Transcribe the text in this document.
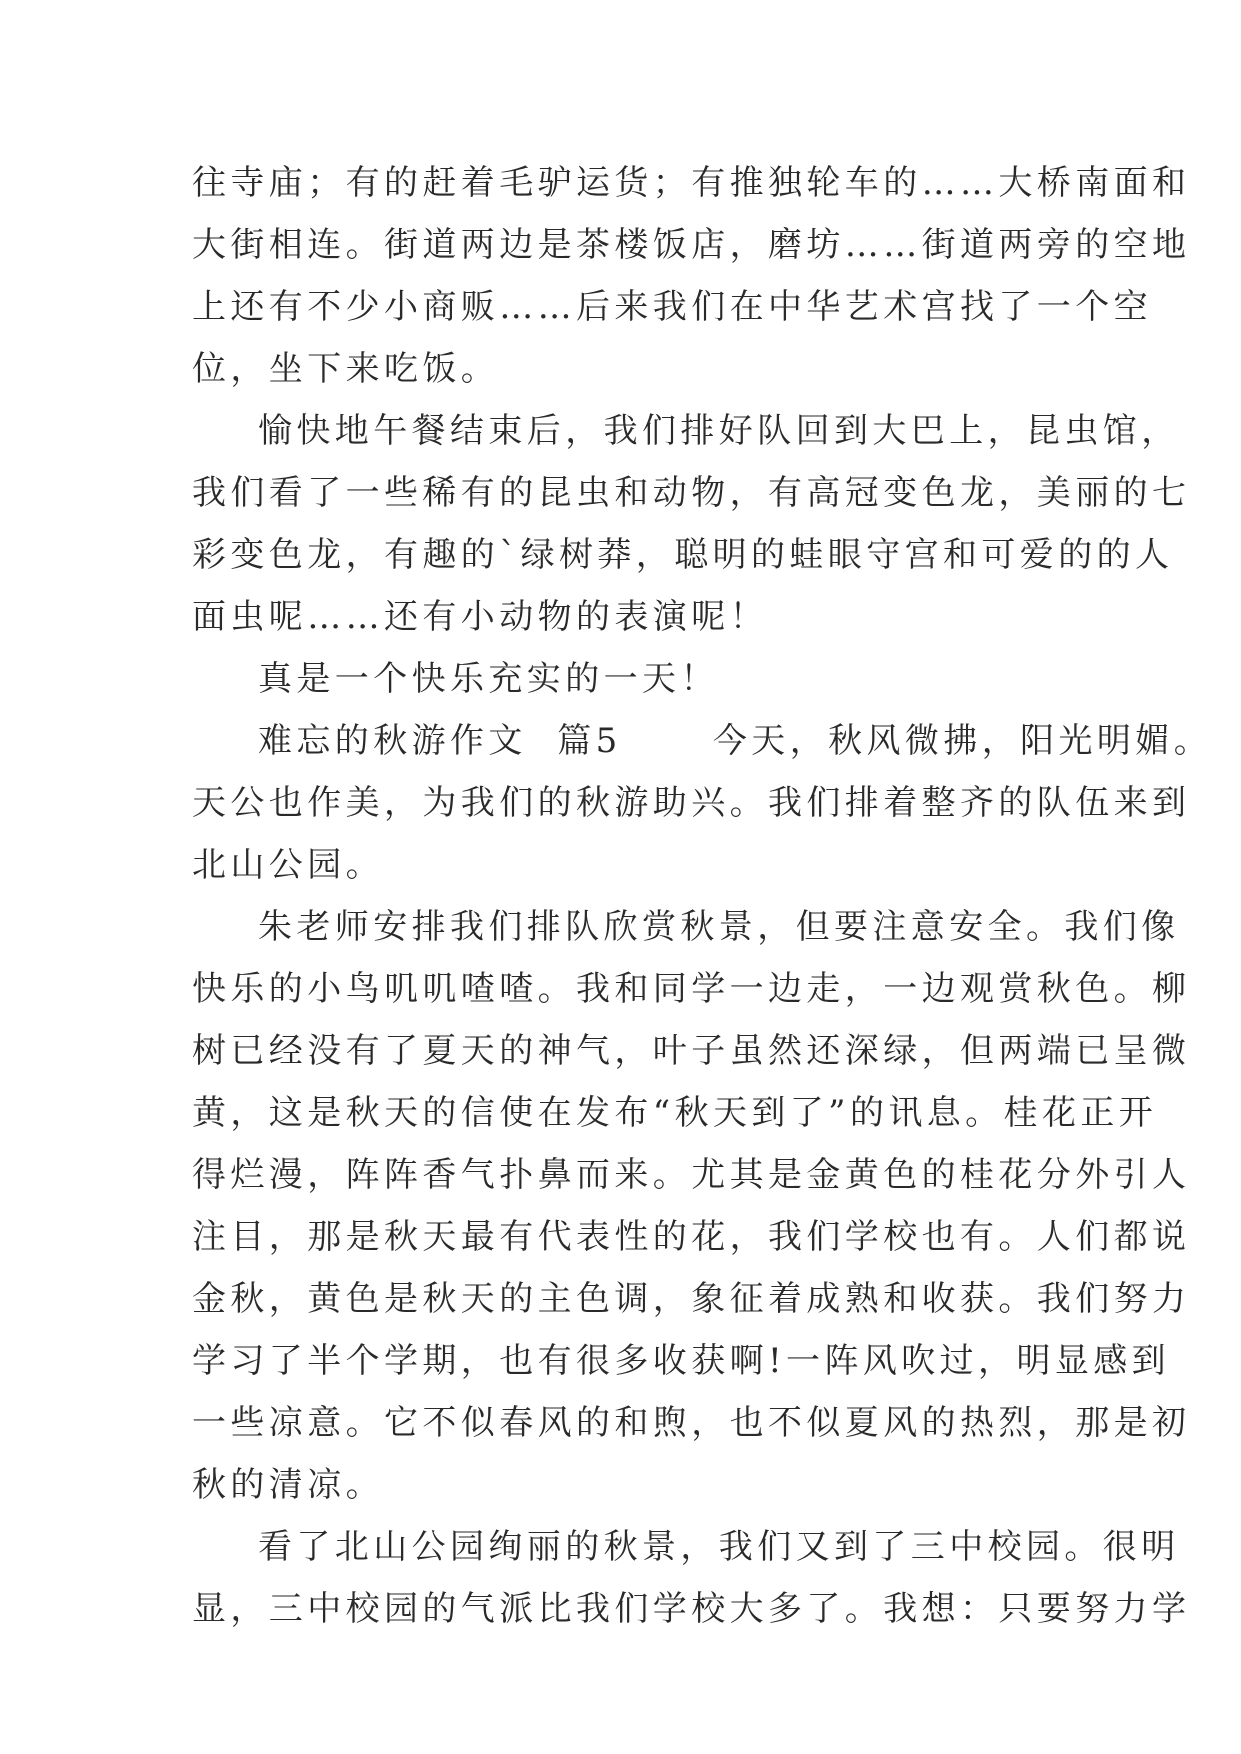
往寺庙；有的赶着毛驴运货；有推独轮车的……大桥南面和
大街相连。街道两边是茶楼饭店，磨坊……街道两旁的空地
上还有不少小商贩……后来我们在中华艺术宫找了一个空
位，坐下来吃饭。
愉快地午餐结束后，我们排好队回到大巴上，昆虫馆，
我们看了一些稀有的昆虫和动物，有高冠变色龙，美丽的七
彩变色龙，有趣的`绿树莽，聪明的蛙眼守宫和可爱的的人
面虫呢……还有小动物的表演呢！
真是一个快乐充实的一天！
难忘的秋游作文  篇5      今天，秋风微拂，阳光明媚。
天公也作美，为我们的秋游助兴。我们排着整齐的队伍来到
北山公园。
朱老师安排我们排队欣赏秋景，但要注意安全。我们像
快乐的小鸟叽叽喳喳。我和同学一边走，一边观赏秋色。柳
树已经没有了夏天的神气，叶子虽然还深绿，但两端已呈微
黄，这是秋天的信使在发布“秋天到了”的讯息。桂花正开
得烂漫，阵阵香气扑鼻而来。尤其是金黄色的桂花分外引人
注目，那是秋天最有代表性的花，我们学校也有。人们都说
金秋，黄色是秋天的主色调，象征着成熟和收获。我们努力
学习了半个学期，也有很多收获啊!一阵风吹过，明显感到
一些凉意。它不似春风的和煦，也不似夏风的热烈，那是初
秋的清凉。
看了北山公园绚丽的秋景，我们又到了三中校园。很明
显，三中校园的气派比我们学校大多了。我想：只要努力学
